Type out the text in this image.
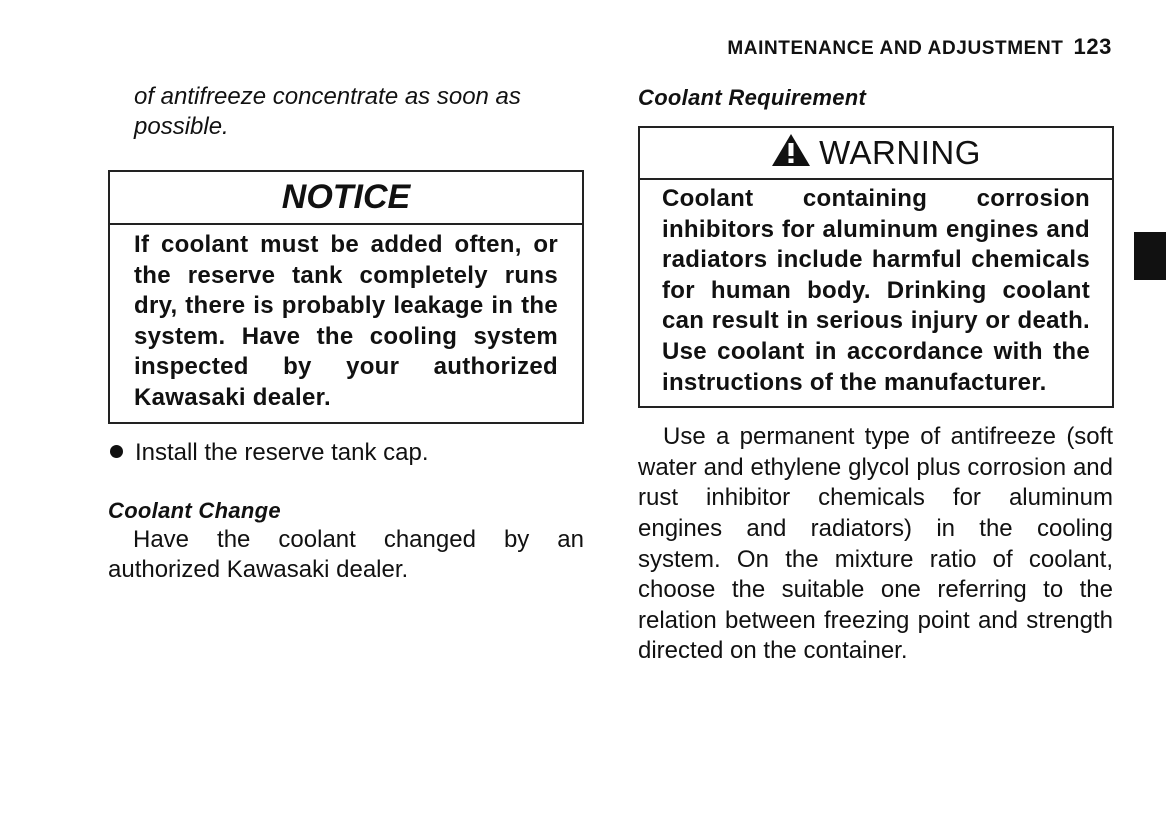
MAINTENANCE AND ADJUSTMENT 123

of antifreeze concentrate as soon as possible.

NOTICE
If coolant must be added often, or the reserve tank completely runs dry, there is probably leakage in the system. Have the cooling system inspected by your authorized Kawasaki dealer.
Install the reserve tank cap.
Coolant Change

Have the coolant changed by an authorized Kawasaki dealer.

Coolant Requirement
WARNING
Coolant containing corrosion inhibitors for aluminum engines and radiators include harmful chemicals for human body. Drinking coolant can result in serious injury or death. Use coolant in accordance with the instructions of the manufacturer.

Use a permanent type of antifreeze (soft water and ethylene glycol plus corrosion and rust inhibitor chemicals for aluminum engines and radiators) in the cooling system. On the mixture ratio of coolant, choose the suitable one referring to the relation between freezing point and strength directed on the container.
